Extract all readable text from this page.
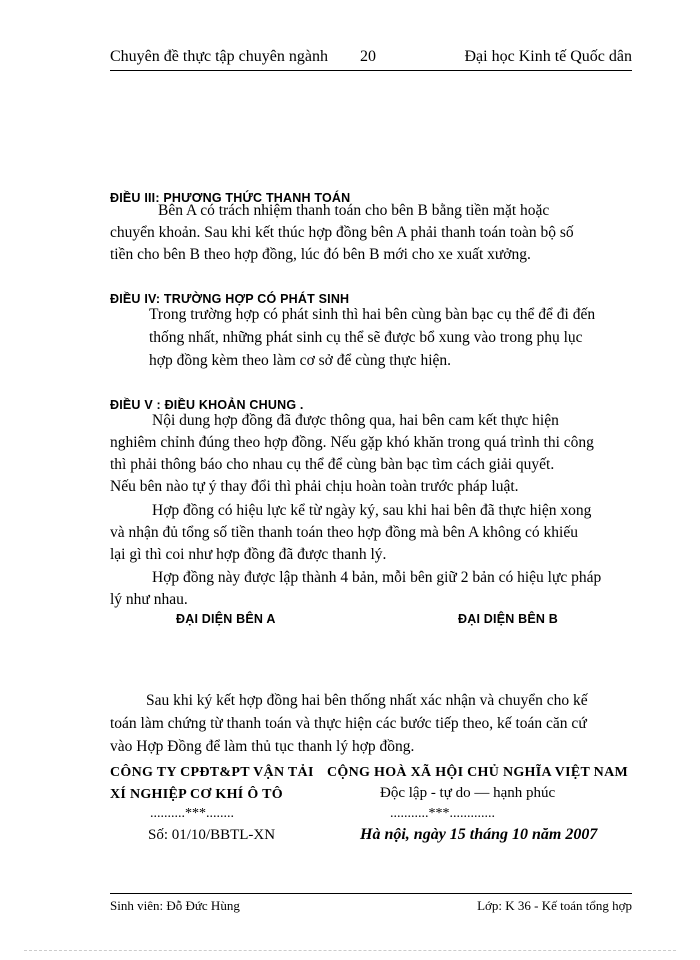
Chuyên đề thực tập chuyên ngành 20	Đại học Kinh tế Quốc dân
ĐIỀU III: PHƯƠNG THỨC THANH TOÁN
Bên A có trách nhiệm thanh toán cho bên B bằng tiền mặt hoặc
chuyển khoản. Sau khi kết thúc hợp đồng bên A phải thanh toán toàn bộ số
tiền cho bên B theo hợp đồng, lúc đó bên B mới cho xe xuất xưởng.
ĐIỀU IV: TRƯỜNG HỢP CÓ PHÁT SINH
Trong trường hợp có phát sinh thì hai bên cùng bàn bạc cụ thể để đi đến
thống nhất, những phát sinh cụ thể sẽ được bổ xung vào trong phụ lục
hợp đồng kèm theo làm cơ sở để cùng thực hiện.
ĐIỀU V : ĐIỀU KHOẢN CHUNG .
Nội dung hợp đồng đã được thông qua, hai bên cam kết thực hiện
nghiêm chỉnh đúng theo hợp đồng. Nếu gặp khó khăn trong quá trình thi công
thì phải thông báo cho nhau cụ thể để cùng bàn bạc tìm cách giải quyết.
Nếu bên nào tự ý thay đổi thì phải chịu hoàn toàn trước pháp luật.
Hợp đồng có hiệu lực kể từ ngày ký, sau khi hai bên đã thực hiện xong
và nhận đủ tổng số tiền thanh toán theo hợp đồng mà bên A không có khiếu
lại gì thì coi như hợp đồng đã được thanh lý.
Hợp đồng này được lập thành 4 bản, mỗi bên giữ 2 bản có hiệu lực pháp
lý như nhau.
ĐẠI DIỆN BÊN A	ĐẠI DIỆN BÊN B
Sau khi ký kết hợp đồng hai bên thống nhất xác nhận và chuyển cho kế
toán làm chứng từ thanh toán và thực hiện các bước tiếp theo, kế toán căn cứ
vào Hợp Đồng để làm thủ tục thanh lý hợp đồng.
CÔNG TY CPĐT&PT VẬN TẢI
XÍ NGHIỆP CƠ KHÍ Ô TÔ
..........***........
Số: 01/10/BBTL-XN
CỘNG HOÀ XÃ HỘI CHỦ NGHĨA VIỆT NAM
Độc lập - tự do — hạnh phúc
...........***.............
Hà nội, ngày 15 tháng 10 năm 2007
Sinh viên: Đỗ Đức Hùng	Lớp: K 36 - Kế toán tổng hợp
